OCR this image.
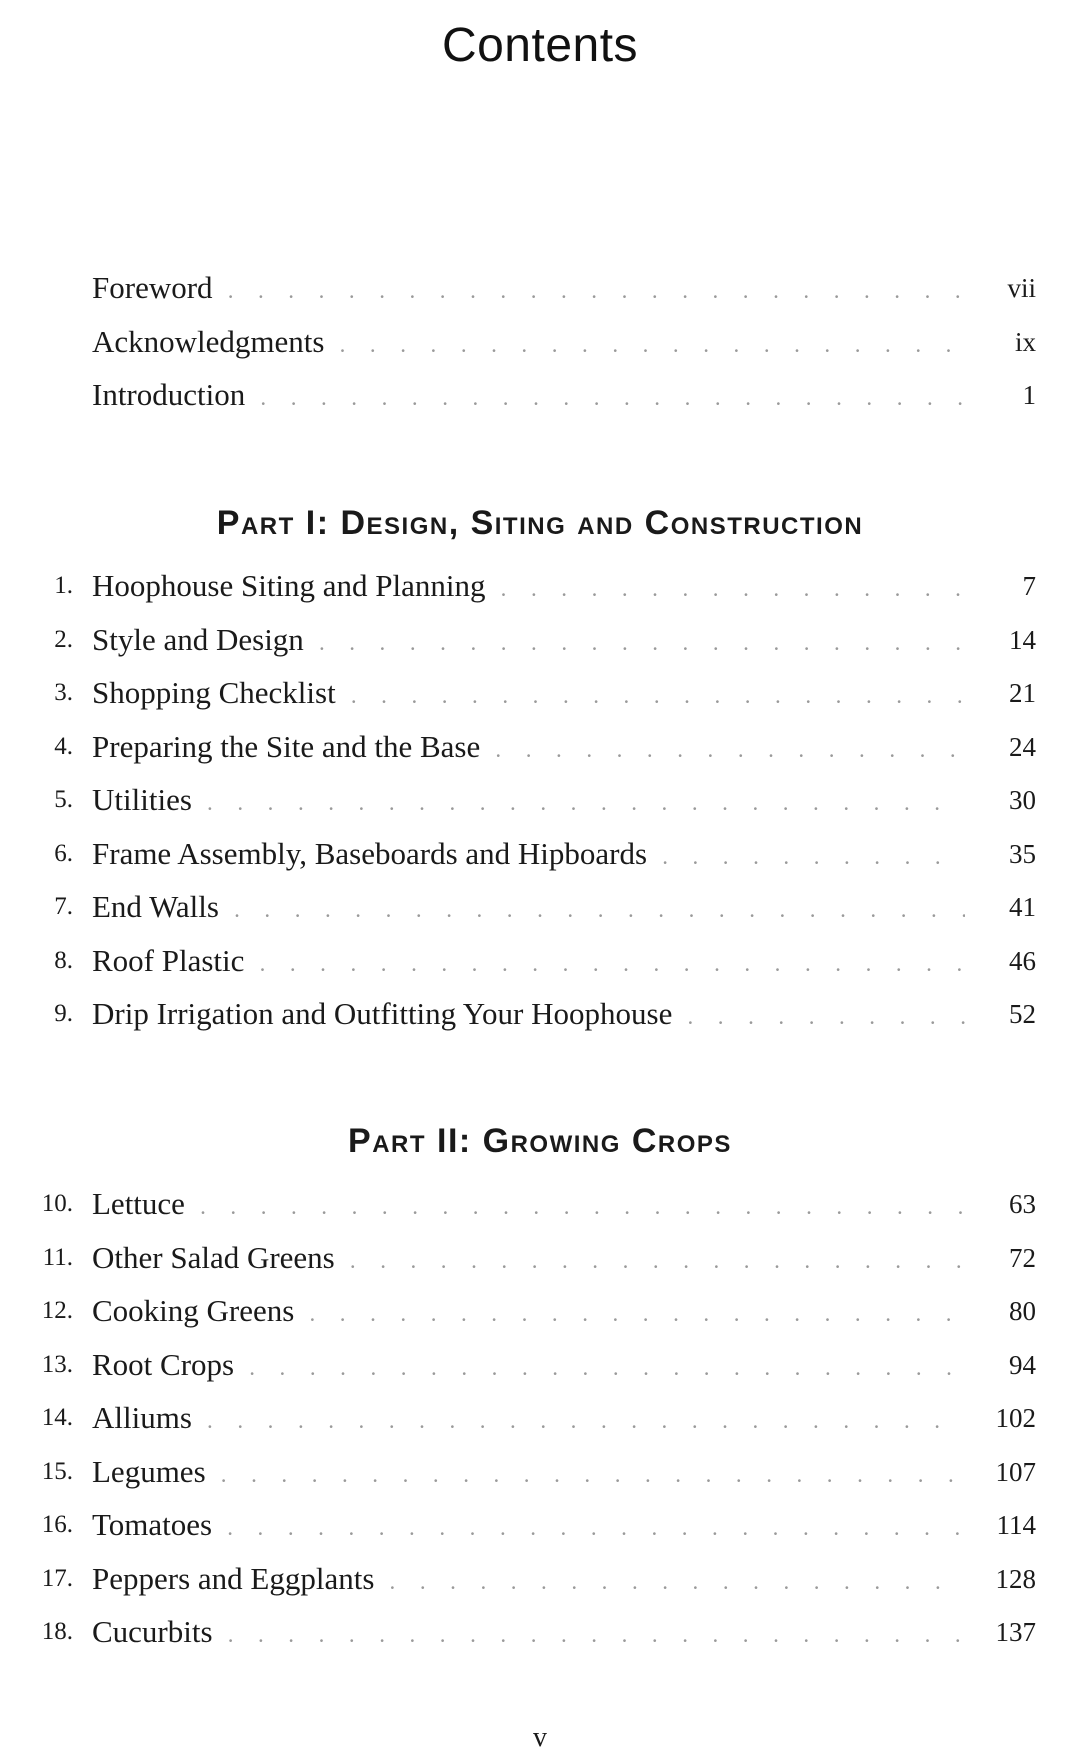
Contents
Foreword . . .	vii
Acknowledgments . . .	ix
Introduction . . .	1
Part I: Design, Siting and Construction
1. Hoophouse Siting and Planning . . .	7
2. Style and Design . . .	14
3. Shopping Checklist . . .	21
4. Preparing the Site and the Base . . .	24
5. Utilities . . .	30
6. Frame Assembly, Baseboards and Hipboards . . .	35
7. End Walls . . .	41
8. Roof Plastic . . .	46
9. Drip Irrigation and Outfitting Your Hoophouse . . .	52
Part II: Growing Crops
10. Lettuce . . .	63
11. Other Salad Greens . . .	72
12. Cooking Greens . . .	80
13. Root Crops . . .	94
14. Alliums . . .	102
15. Legumes . . .	107
16. Tomatoes . . .	114
17. Peppers and Eggplants . . .	128
18. Cucurbits . . .	137
v
